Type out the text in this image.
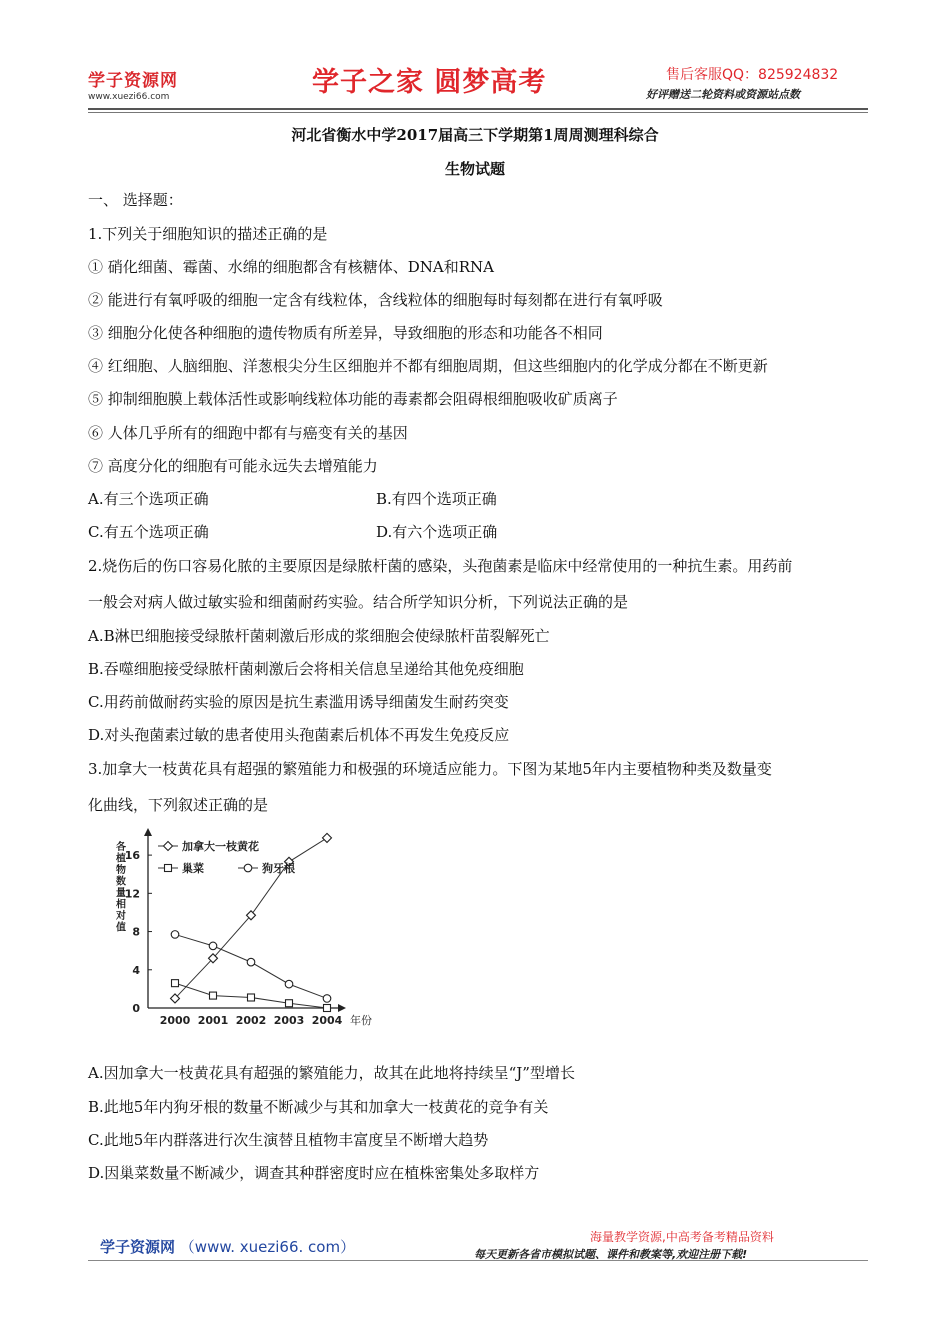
学子资源网
www.xuezi66.com	学子之家 圆梦高考	售后客服QQ：825924832
好评赠送二轮资料或资源站点数
河北省衡水中学2017届高三下学期第1周周测理科综合
生物试题
一、 选择题：
1.下列关于细胞知识的描述正确的是
① 硝化细菌、霉菌、水绵的细胞都含有核糖体、DNA和RNA
② 能进行有氧呼吸的细胞一定含有线粒体，含线粒体的细胞每时每刻都在进行有氧呼吸
③ 细胞分化使各种细胞的遗传物质有所差异，导致细胞的形态和功能各不相同
④ 红细胞、人脑细胞、洋葱根尖分生区细胞并不都有细胞周期，但这些细胞内的化学成分都在不断更新
⑤ 抑制细胞膜上载体活性或影响线粒体功能的毒素都会阻碍根细胞吸收矿质离子
⑥ 人体几乎所有的细跑中都有与癌变有关的基因
⑦ 高度分化的细胞有可能永远失去增殖能力
A.有三个选项正确	B.有四个选项正确
C.有五个选项正确	D.有六个选项正确
2.烧伤后的伤口容易化脓的主要原因是绿脓杆菌的感染，头孢菌素是临床中经常使用的一种抗生素。用药前
一般会对病人做过敏实验和细菌耐药实验。结合所学知识分析，下列说法正确的是
A.B淋巴细胞接受绿脓杆菌刺激后形成的浆细胞会使绿脓杆苗裂解死亡
B.吞噬细胞接受绿脓杆菌刺激后会将相关信息呈递给其他免疫细胞
C.用药前做耐药实验的原因是抗生素滥用诱导细菌发生耐药突变
D.对头孢菌素过敏的患者使用头孢菌素后机体不再发生免疫反应
3.加拿大一枝黄花具有超强的繁殖能力和极强的环境适应能力。下图为某地5年内主要植物种类及数量变
化曲线，下列叙述正确的是
年份
各植物数量相对值
0
4
8
12
16
2000 2001 2002 2003 2004
加拿大一枝黄花
巢菜	狗牙根
A.因加拿大一枝黄花具有超强的繁殖能力，故其在此地将持续呈“J”型增长
B.此地5年内狗牙根的数量不断减少与其和加拿大一枝黄花的竞争有关
C.此地5年内群落进行次生演替且植物丰富度呈不断增大趋势
D.因巢菜数量不断减少，调查其种群密度时应在植株密集处多取样方
学子资源网 （www. xuezi66. com）
海量教学资源,中高考备考精品资料
每天更新各省市模拟试题、课件和教案等,欢迎注册下载!
